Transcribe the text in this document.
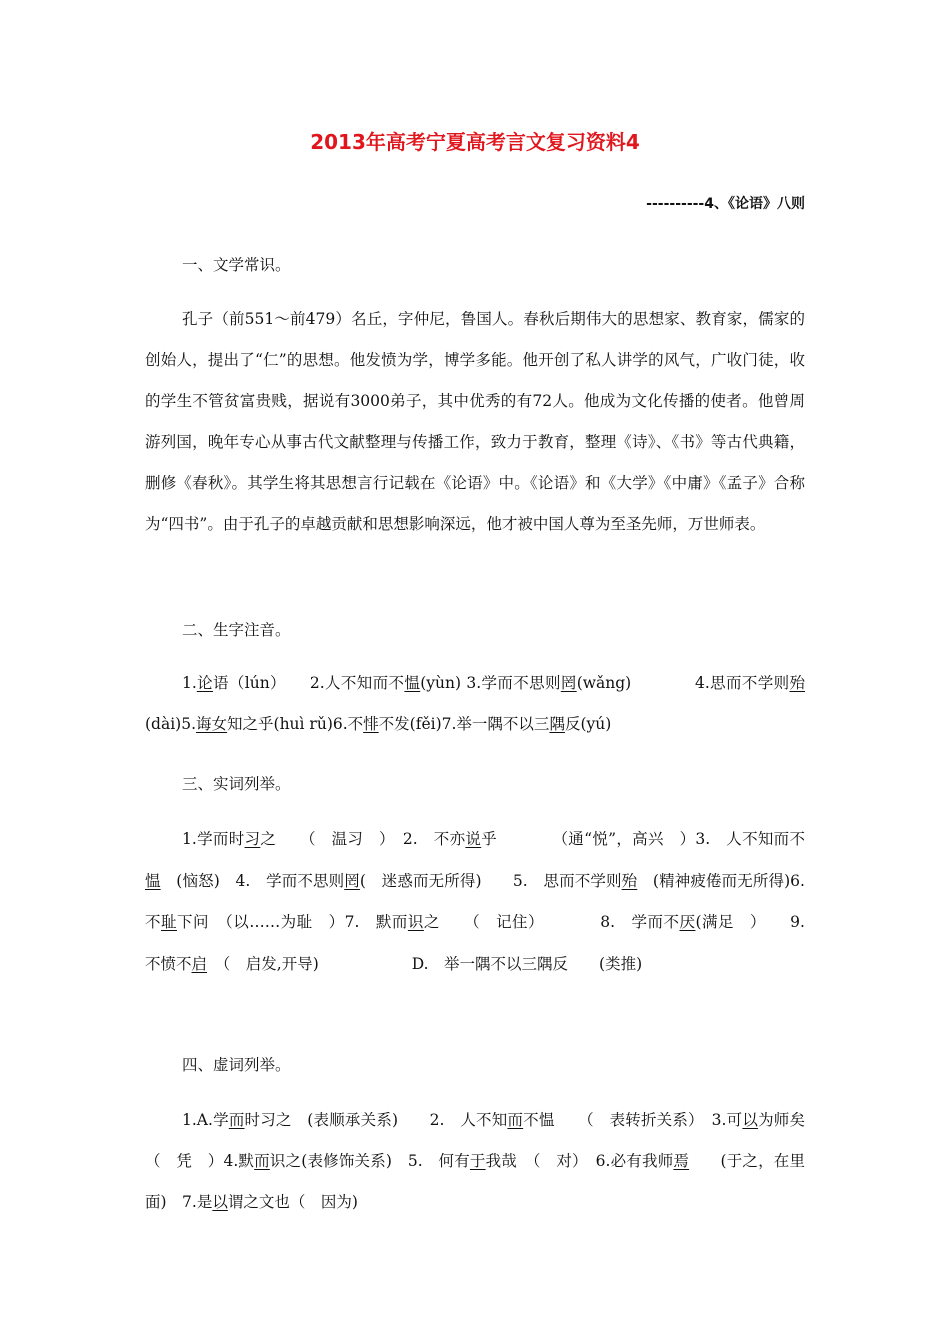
2013年高考宁夏高考言文复习资料4
----------4、《论语》八则
一、文学常识。
孔子（前551～前479）名丘，字仲尼，鲁国人。春秋后期伟大的思想家、教育家，儒家的创始人，提出了“仁”的思想。他发愤为学，博学多能。他开创了私人讲学的风气，广收门徒，收的学生不管贫富贵贱，据说有3000弟子，其中优秀的有72人。他成为文化传播的使者。他曾周游列国，晚年专心从事古代文献整理与传播工作，致力于教育，整理《诗》、《书》等古代典籍，删修《春秋》。其学生将其思想言行记载在《论语》中。《论语》和《大学》《中庸》《孟子》合称为“四书”。由于孔子的卓越贡献和思想影响深远，他才被中国人尊为至圣先师，万世师表。
二、生字注音。
1.论语（lún）　　2.人不知而不愠(yùn) 3.学而不思则罔(wǎng)　　　　4.思而不学则殆(dài)5.诲女知之乎(huì rǔ)6.不悱不发(fěi)7.举一隅不以三隅反(yú)
三、实词列举。
1.学而时习之　　（　温习　）　2.　不亦说乎　　　　（通“悦”，高兴　）3.　人不知而不愠　(恼怒)　4.　学而不思则罔(　迷惑而无所得)　　5.　思而不学则殆　(精神疲倦而无所得)6.　不耻下问　（以……为耻　）7.　默而识之　　（　记住）　　　　8.　学而不厌(满足　）　　9.　不愤不启　（　启发,开导)　　　　　　D.　举一隅不以三隅反　　(类推)
四、虚词列举。
1.A.学而时习之　(表顺承关系)　　2.　人不知而不愠　　（　表转折关系）　3.可以为师矣　（　凭　）4.默而识之(表修饰关系)　5.　何有于我哉　（　对）　6.必有我师焉　　(于之，在里面)　7.是以谓之文也（　因为)
